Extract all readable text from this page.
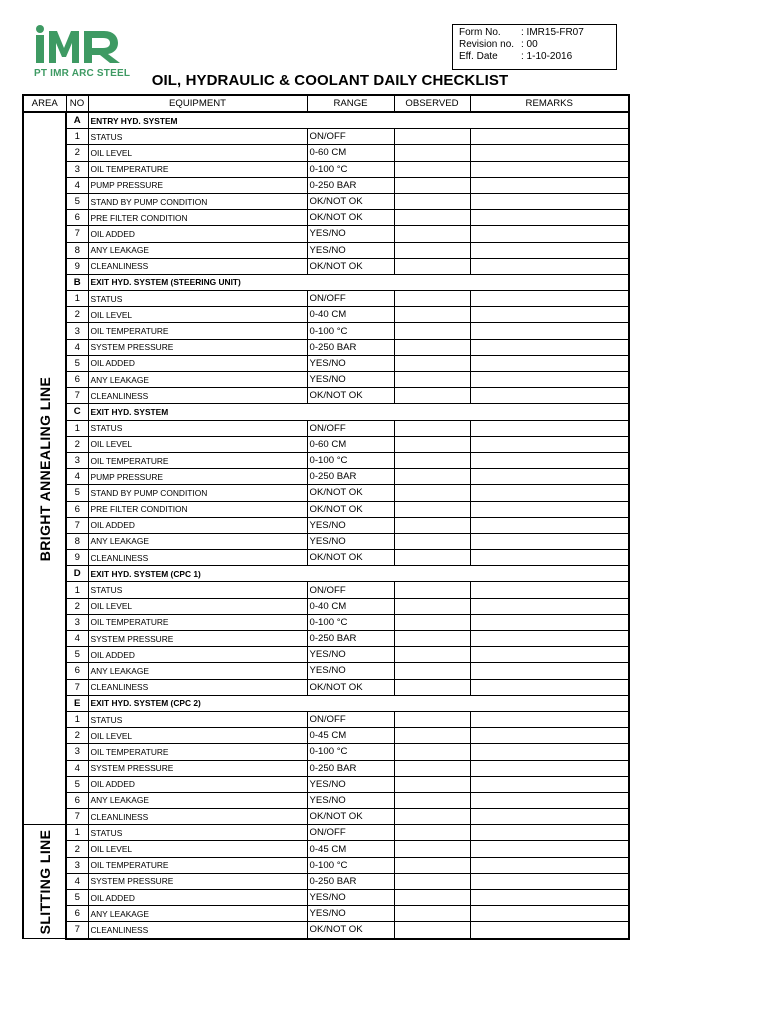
PT IMR ARC STEEL
Form No.	: IMR15-FR07
Revision no. : 00
Eff. Date	: 1-10-2016
OIL, HYDRAULIC & COOLANT DAILY CHECKLIST
AREA	NO	EQUIPMENT	RANGE	OBSERVED	REMARKS

BRIGHT ANNEALING LINE	A	ENTRY HYD. SYSTEM			
	1	STATUS	ON/OFF		
	2	OIL LEVEL	0-60 CM		
	3	OIL TEMPERATURE	0-100 °C		
	4	PUMP PRESSURE	0-250 BAR		
	5	STAND BY PUMP CONDITION	OK/NOT OK		
	6	PRE FILTER CONDITION	OK/NOT OK		
	7	OIL ADDED	YES/NO		
	8	ANY LEAKAGE	YES/NO		
	9	CLEANLINESS	OK/NOT OK		
	B	EXIT HYD. SYSTEM (STEERING UNIT)			
	1	STATUS	ON/OFF		
	2	OIL LEVEL	0-40 CM		
	3	OIL TEMPERATURE	0-100 °C		
	4	SYSTEM PRESSURE	0-250 BAR		
	5	OIL ADDED	YES/NO		
	6	ANY LEAKAGE	YES/NO		
	7	CLEANLINESS	OK/NOT OK		
	C	EXIT HYD. SYSTEM			
	1	STATUS	ON/OFF		
	2	OIL LEVEL	0-60 CM		
	3	OIL TEMPERATURE	0-100 °C		
	4	PUMP PRESSURE	0-250 BAR		
	5	STAND BY PUMP CONDITION	OK/NOT OK		
	6	PRE FILTER CONDITION	OK/NOT OK		
	7	OIL ADDED	YES/NO		
	8	ANY LEAKAGE	YES/NO		
	9	CLEANLINESS	OK/NOT OK		
	D	EXIT HYD. SYSTEM (CPC 1)			
	1	STATUS	ON/OFF		
	2	OIL LEVEL	0-40 CM		
	3	OIL TEMPERATURE	0-100 °C		
	4	SYSTEM PRESSURE	0-250 BAR		
	5	OIL ADDED	YES/NO		
	6	ANY LEAKAGE	YES/NO		
	7	CLEANLINESS	OK/NOT OK		
	E	EXIT HYD. SYSTEM (CPC 2)			
	1	STATUS	ON/OFF		
	2	OIL LEVEL	0-45 CM		
	3	OIL TEMPERATURE	0-100 °C		
	4	SYSTEM PRESSURE	0-250 BAR		
	5	OIL ADDED	YES/NO		
	6	ANY LEAKAGE	YES/NO		
	7	CLEANLINESS	OK/NOT OK		

SLITTING LINE	1	STATUS	ON/OFF		
	2	OIL LEVEL	0-45 CM		
	3	OIL TEMPERATURE	0-100 °C		
	4	SYSTEM PRESSURE	0-250 BAR		
	5	OIL ADDED	YES/NO		
	6	ANY LEAKAGE	YES/NO		
	7	CLEANLINESS	OK/NOT OK		
